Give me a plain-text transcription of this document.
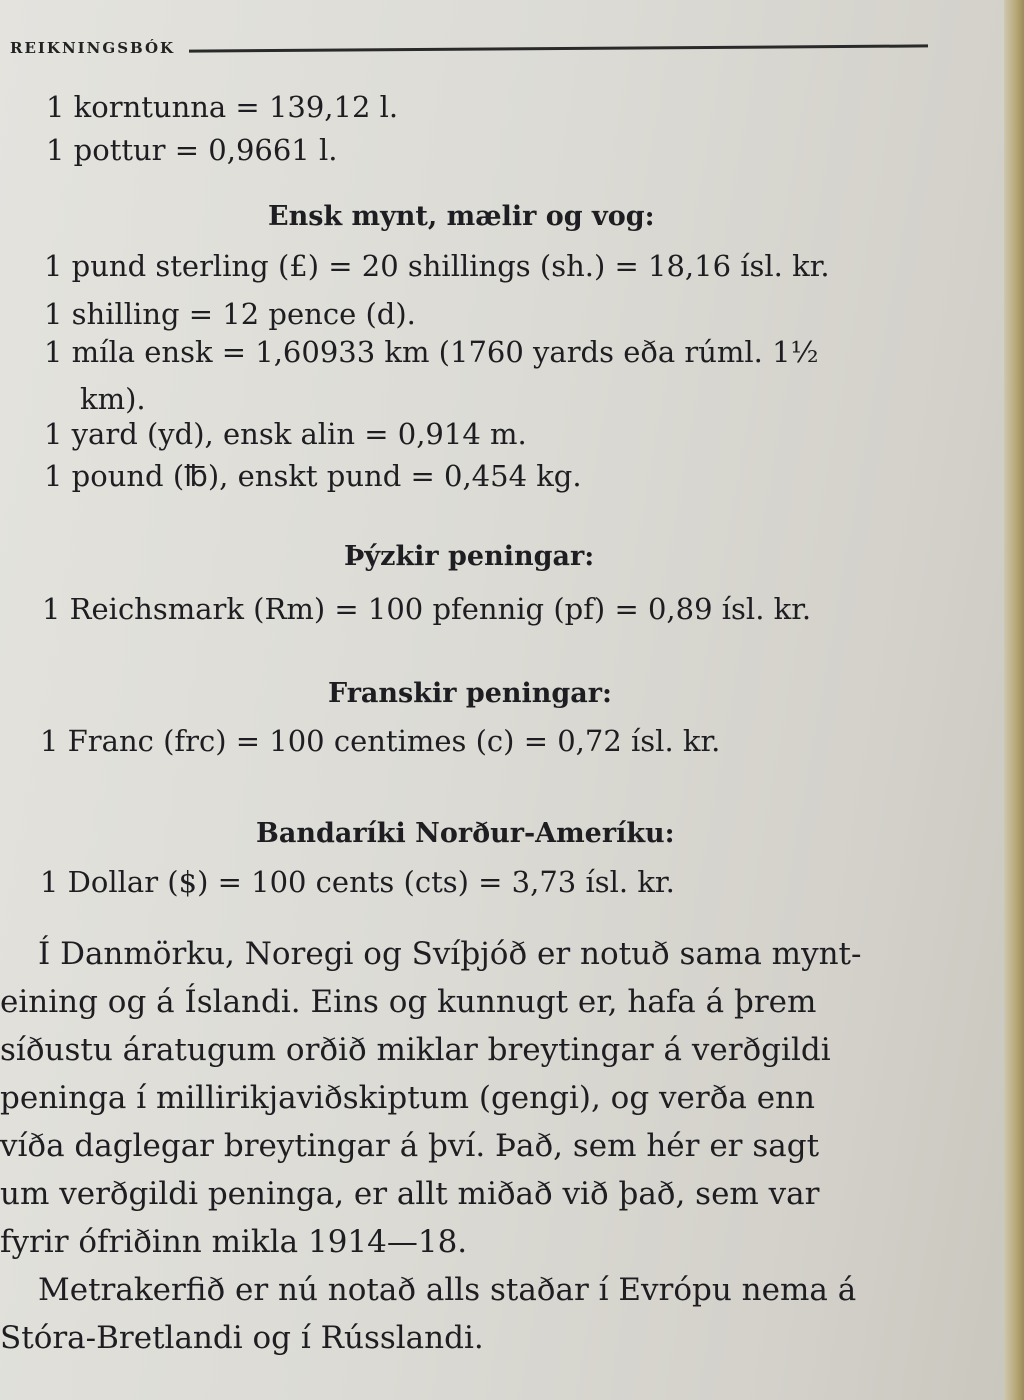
REIKNINGSBÓK
1 korntunna = 139,12 l.
1 pottur = 0,9661 l.
Ensk mynt, mælir og vog:
1 pund sterling (£) = 20 shillings (sh.) = 18,16 ísl. kr.
1 shilling = 12 pence (d).
1 míla ensk = 1,60933 km (1760 yards eða rúml. 1½
km).
1 yard (yd), ensk alin = 0,914 m.
1 pound (℔), enskt pund = 0,454 kg.
Þýzkir peningar:
1 Reichsmark (Rm) = 100 pfennig (pf) = 0,89 ísl. kr.
Franskir peningar:
1 Franc (frc) = 100 centimes (c) = 0,72 ísl. kr.
Bandaríki Norður-Ameríku:
1 Dollar ($) = 100 cents (cts) = 3,73 ísl. kr.

Í Danmörku, Noregi og Svíþjóð er notuð sama mynt-

eining og á Íslandi. Eins og kunnugt er, hafa á þrem

síðustu áratugum orðið miklar breytingar á verðgildi

peninga í millirikjaviðskiptum (gengi), og verða enn

víða daglegar breytingar á því. Það, sem hér er sagt

um verðgildi peninga, er allt miðað við það, sem var

fyrir ófriðinn mikla 1914—18.

Metrakerfið er nú notað alls staðar í Evrópu nema á

Stóra-Bretlandi og í Rússlandi.
